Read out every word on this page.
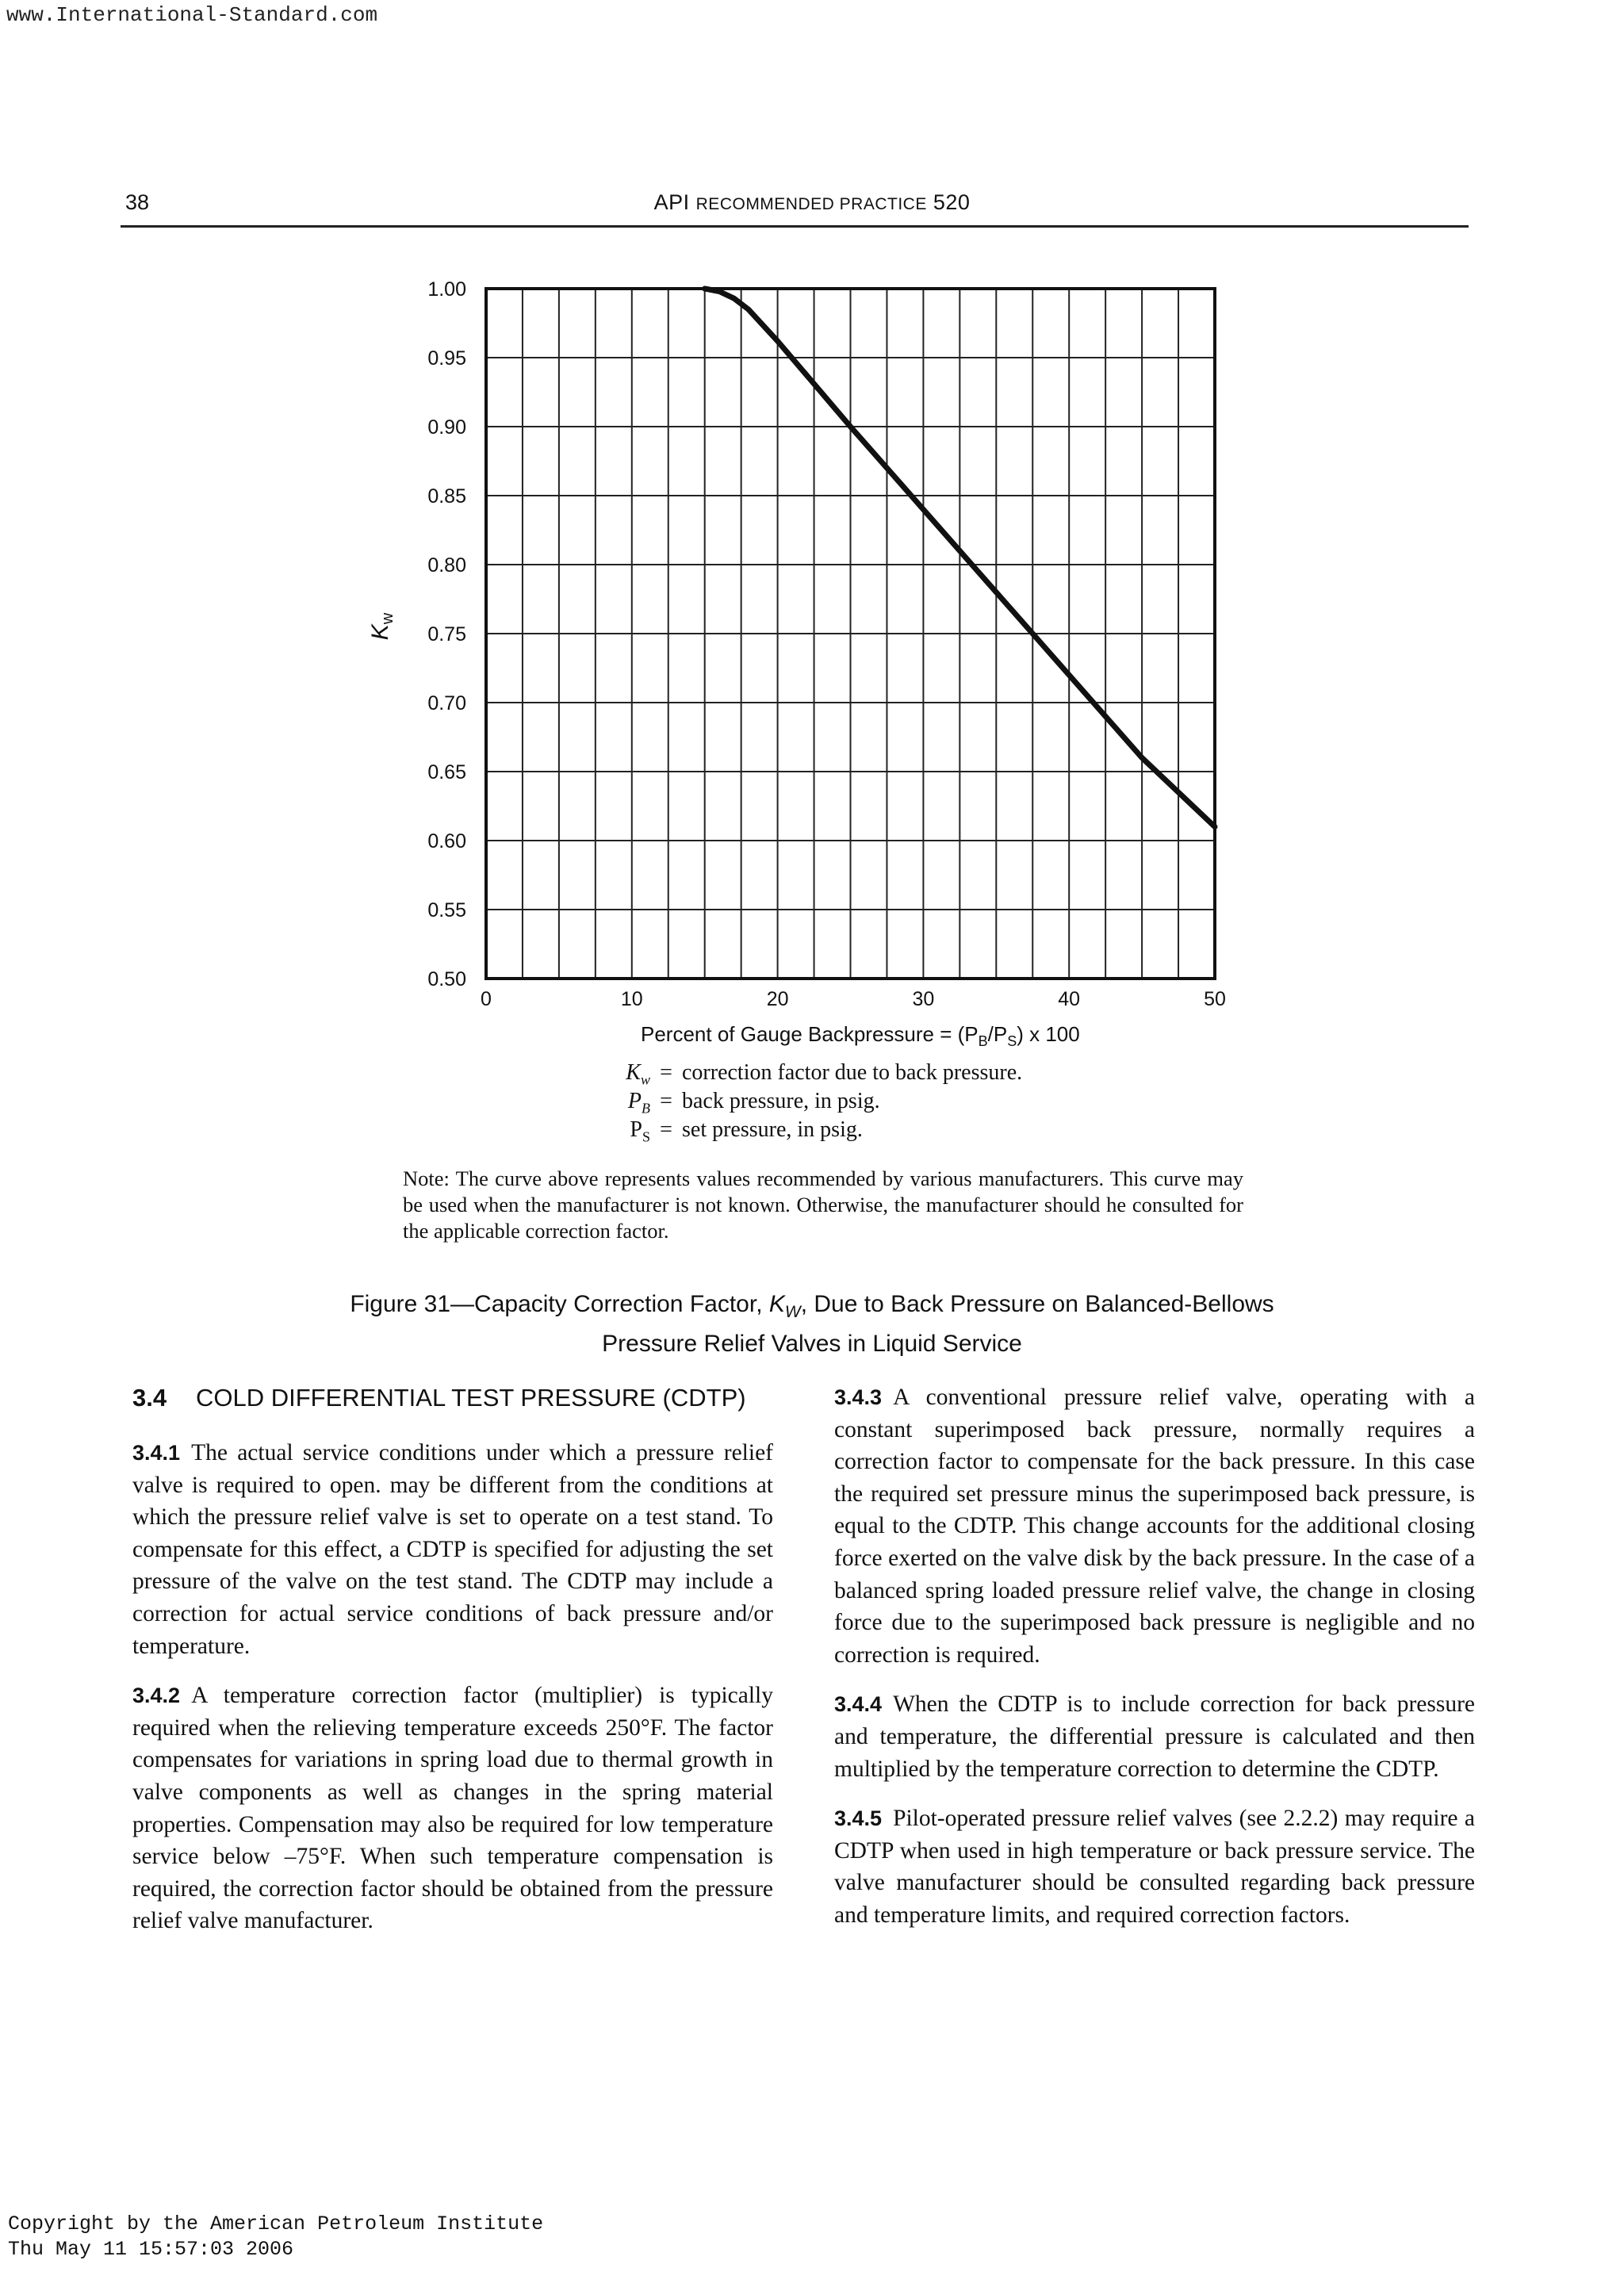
www.International-Standard.com
38	API RECOMMENDED PRACTICE 520
1.00
0.95
0.90
0.85
0.80
0.75
0.70
0.65
0.60
0.55
0.50
0	10	20	30	40	50
$K_w$
Percent of Gauge Backpressure = $(P_B/P_S)$ x 100
$K_w$ = correction factor due to back pressure.
$P_B$ = back pressure, in psig.
$P_S$ = set pressure, in psig.
Note: The curve above represents values recommended by various manufacturers. This curve may be used when the manufacturer is not known. Otherwise, the manufacturer should he consulted for the applicable correction factor.
Figure 31—Capacity Correction Factor, $K_W$, Due to Back Pressure on Balanced-Bellows
Pressure Relief Valves in Liquid Service
3.4	COLD DIFFERENTIAL TEST PRESSURE (CDTP)

3.4.1 The actual service conditions under which a pressure relief valve is required to open. may be different from the conditions at which the pressure relief valve is set to operate on a test stand. To compensate for this effect, a CDTP is specified for adjusting the set pressure of the valve on the test stand. The CDTP may include a correction for actual service conditions of back pressure and/or temperature.

3.4.2 A temperature correction factor (multiplier) is typically required when the relieving temperature exceeds 250°F. The factor compensates for variations in spring load due to thermal growth in valve components as well as changes in the spring material properties. Compensation may also be required for low temperature service below –75°F. When such temperature compensation is required, the correction factor should be obtained from the pressure relief valve manufacturer.

3.4.3 A conventional pressure relief valve, operating with a constant superimposed back pressure, normally requires a correction factor to compensate for the back pressure. In this case the required set pressure minus the superimposed back pressure, is equal to the CDTP. This change accounts for the additional closing force exerted on the valve disk by the back pressure. In the case of a balanced spring loaded pressure relief valve, the change in closing force due to the superimposed back pressure is negligible and no correction is required.

3.4.4 When the CDTP is to include correction for back pressure and temperature, the differential pressure is calculated and then multiplied by the temperature correction to determine the CDTP.

3.4.5 Pilot-operated pressure relief valves (see 2.2.2) may require a CDTP when used in high temperature or back pressure service. The valve manufacturer should be consulted regarding back pressure and temperature limits, and required correction factors.

Copyright by the American Petroleum Institute
Thu May 11 15:57:03 2006
